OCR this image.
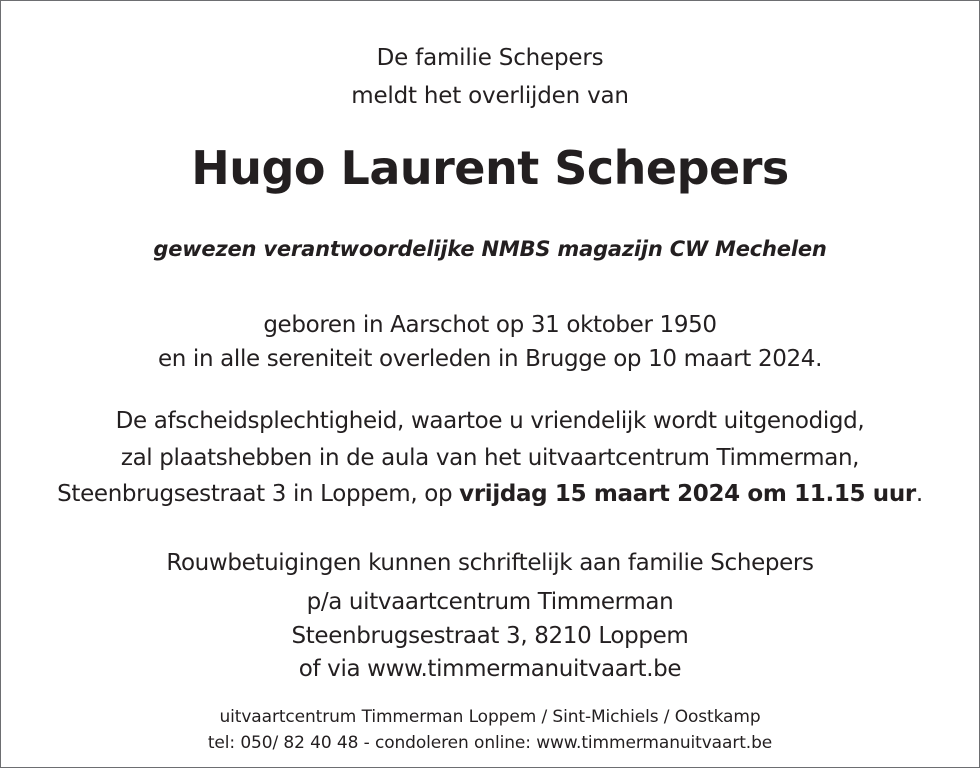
De familie Schepers
meldt het overlijden van
Hugo Laurent Schepers
gewezen verantwoordelijke NMBS magazijn CW Mechelen
geboren in Aarschot op 31 oktober 1950
en in alle sereniteit overleden in Brugge op 10 maart 2024.
De afscheidsplechtigheid, waartoe u vriendelijk wordt uitgenodigd,
zal plaatshebben in de aula van het uitvaartcentrum Timmerman,
Steenbrugsestraat 3 in Loppem, op vrijdag 15 maart 2024 om 11.15 uur.
Rouwbetuigingen kunnen schriftelijk aan familie Schepers
p/a uitvaartcentrum Timmerman
Steenbrugsestraat 3, 8210 Loppem
of via www.timmermanuitvaart.be
uitvaartcentrum Timmerman Loppem / Sint-Michiels / Oostkamp
tel: 050/ 82 40 48 - condoleren online: www.timmermanuitvaart.be
